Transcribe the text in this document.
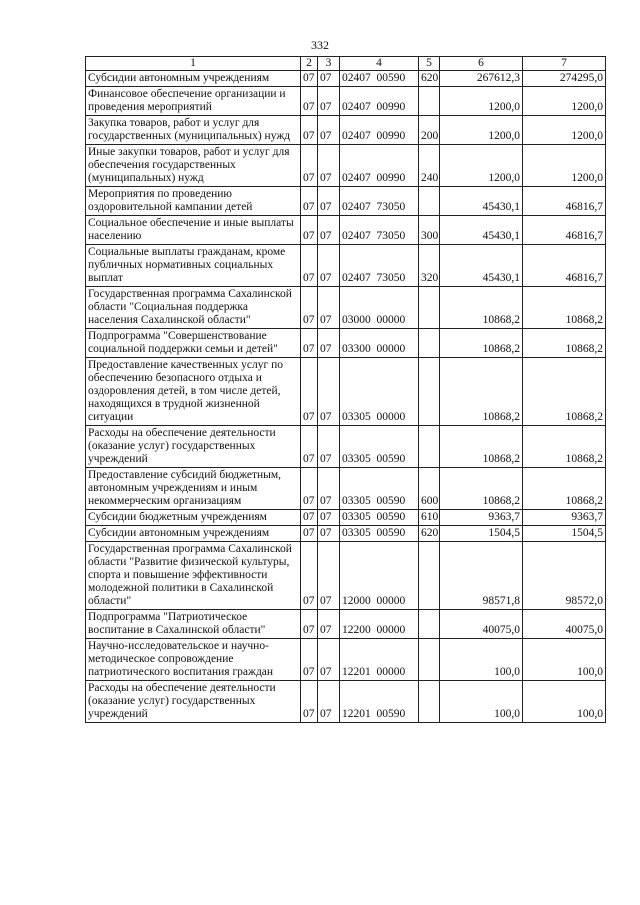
332
1	2	3	4	5	6	7
Субсидии автономным учреждениям	07	07	02407  00590	620	267612,3	274295,0
Финансовое обеспечение организации и проведения мероприятий	07	07	02407  00990		1200,0	1200,0
Закупка товаров, работ и услуг для государственных (муниципальных) нужд	07	07	02407  00990	200	1200,0	1200,0
Иные закупки товаров, работ и услуг для обеспечения государственных (муниципальных) нужд	07	07	02407  00990	240	1200,0	1200,0
Мероприятия по проведению оздоровительной кампании детей	07	07	02407  73050		45430,1	46816,7
Социальное обеспечение и иные выплаты населению	07	07	02407  73050	300	45430,1	46816,7
Социальные выплаты гражданам, кроме публичных нормативных социальных выплат	07	07	02407  73050	320	45430,1	46816,7
Государственная программа Сахалинской области "Социальная поддержка населения Сахалинской области"	07	07	03000  00000		10868,2	10868,2
Подпрограмма "Совершенствование социальной поддержки семьи и детей"	07	07	03300  00000		10868,2	10868,2
Предоставление качественных услуг по обеспечению безопасного отдыха и оздоровления детей, в том числе детей, находящихся в трудной жизненной ситуации	07	07	03305  00000		10868,2	10868,2
Расходы на обеспечение деятельности (оказание услуг) государственных учреждений	07	07	03305  00590		10868,2	10868,2
Предоставление субсидий бюджетным, автономным учреждениям и иным некоммерческим организациям	07	07	03305  00590	600	10868,2	10868,2
Субсидии бюджетным учреждениям	07	07	03305  00590	610	9363,7	9363,7
Субсидии автономным учреждениям	07	07	03305  00590	620	1504,5	1504,5
Государственная программа Сахалинской области "Развитие физической культуры, спорта и повышение эффективности молодежной политики в Сахалинской области"	07	07	12000  00000		98571,8	98572,0
Подпрограмма "Патриотическое воспитание в Сахалинской области"	07	07	12200  00000		40075,0	40075,0
Научно-исследовательское и научно-методическое сопровождение патриотического воспитания граждан	07	07	12201  00000		100,0	100,0
Расходы на обеспечение деятельности (оказание услуг) государственных учреждений	07	07	12201  00590		100,0	100,0
